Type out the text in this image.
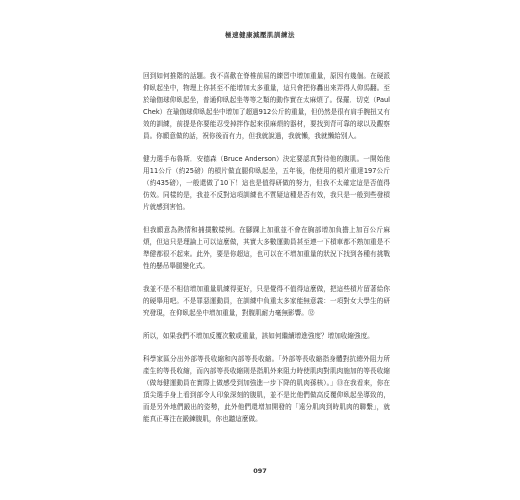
極速健康減壓肌訓練法

回到如何推階的話題。我不喜歡在脊椎前屈的練習中增加重量，原因有幾個。在硬派仰臥起坐中，物理上你甚至不能增加太多重量，這只會把你轟出來弄得人仰馬翻。至於瑜伽球仰臥起坐，普通仰臥起坐等等之類的動作實在太麻煩了。保羅．切克（Paul Chek）在瑜伽球仰臥起坐中增加了超過912公斤的重量，但仍然是很有肩手腕扭又有效的訓練，前提是你要能忍受掉拌作起來很麻煩的器材，要找到背可靠的球以及觀察員。你願意做的話，祝你後而有力，但我就說過，我就懶，我就懶給別人。

健力選手布魯斯．安德森（Bruce Anderson）決定要認真對待他的腹肌。一開始他用11公斤（約25磅）的槓片做直腿仰臥起坐，五年後，他使用的槓片重達197公斤（約435磅），一般還做了10下！這也是值得研做的努力，但我不太確定這是否值得仿效。同樣的是，我並不反對這項訓練也不質疑這種是否有效，我只是一般到些發槓片就感到害怕。

但我願意為熱情和捕撲數樣例。在腳踝上加重並不會在胸部增加負擔上加百公斤麻煩，但這只是理論上可以這麼做，其實大多數運動員甚至連一下槓車都不熟加重是不準健都很不起來。此外，要是你超這，也可以在不增加重量的狀況下找到各種有挑戰性的懸吊舉腿變化式。

我並不是不相信增加重量肌練得更好，只是覺得不值得這麼做，把這些槓片留著給你的硬舉用吧。不是罪惡運動員，在訓練中負重太多家能無意義：一項對女大學生的研究發現，在仰臥起坐中增加重量，對腹肌耐力毫無影響。⑫

所以，如果我們不增加反覆次數或重量，該如何繼續增進強度？增加收縮強度。

科學家區分出外部等長收縮和內部等長收縮。「外部等長收縮指身體對抗總外阻力所產生的等長收縮，而內部等長收縮則是指肌外來阻力時使肌肉對肌肉施加的等長收縮（做每健運動員在實際上做感受到加強進一步下降的肌肉孫核）。」⑬在我看來，你在頂尖選手身上看到部令人印象深刻的腹肌，並不是比他們做高反覆仰臥起坐導致的，而是另外地們鍛出的姿勢，此外他們還增加開發的「遠分肌肉到時肌肉的聯繫」，就能真正專注在鍛鍊腹肌，你也聽這麼做。

097
